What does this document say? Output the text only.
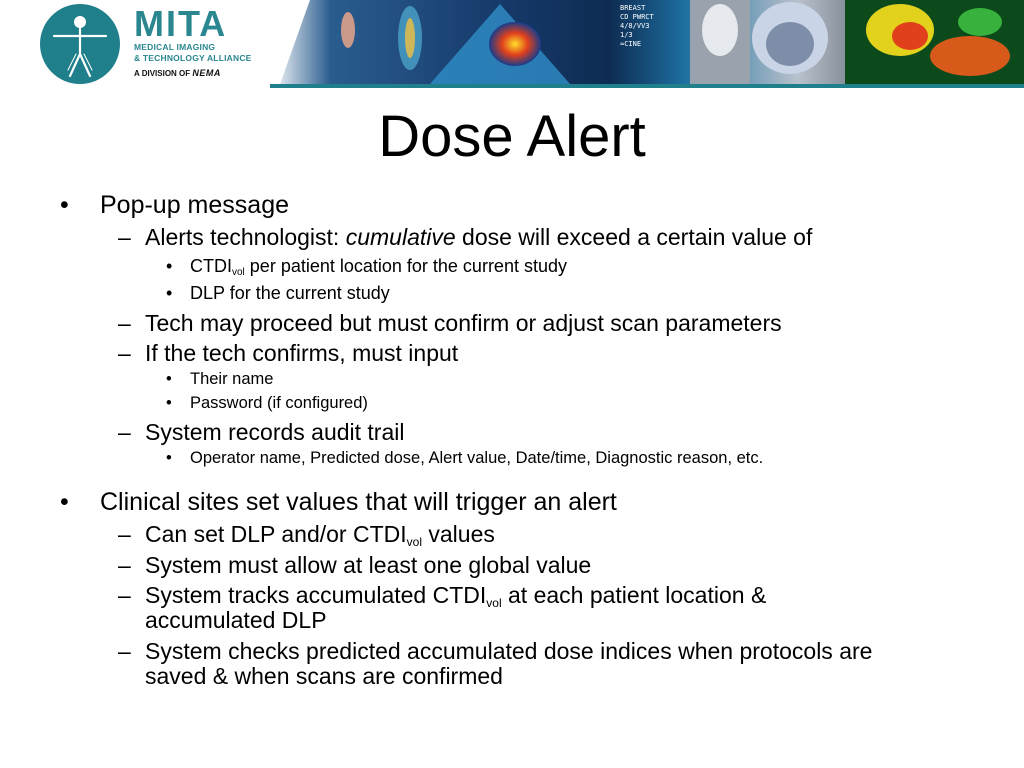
MITA
MEDICAL IMAGING
& TECHNOLOGY ALLIANCE
A DIVISION OF NEMA
BREAST
CD PWRCT
4/8/VV3
1/3
≈CINE
Dose Alert
• Pop-up message
– Alerts technologist: cumulative dose will exceed a certain value of
• $CTDI_{vol}$ per patient location for the current study
• DLP for the current study
– Tech may proceed but must confirm or adjust scan parameters
– If the tech confirms, must input
• Their name
• Password (if configured)
– System records audit trail
• Operator name, Predicted dose, Alert value, Date/time, Diagnostic reason, etc.
• Clinical sites set values that will trigger an alert
– Can set DLP and/or $CTDI_{vol}$ values
– System must allow at least one global value
– System tracks accumulated $CTDI_{vol}$ at each patient location &
accumulated DLP
– System checks predicted accumulated dose indices when protocols are
saved & when scans are confirmed
